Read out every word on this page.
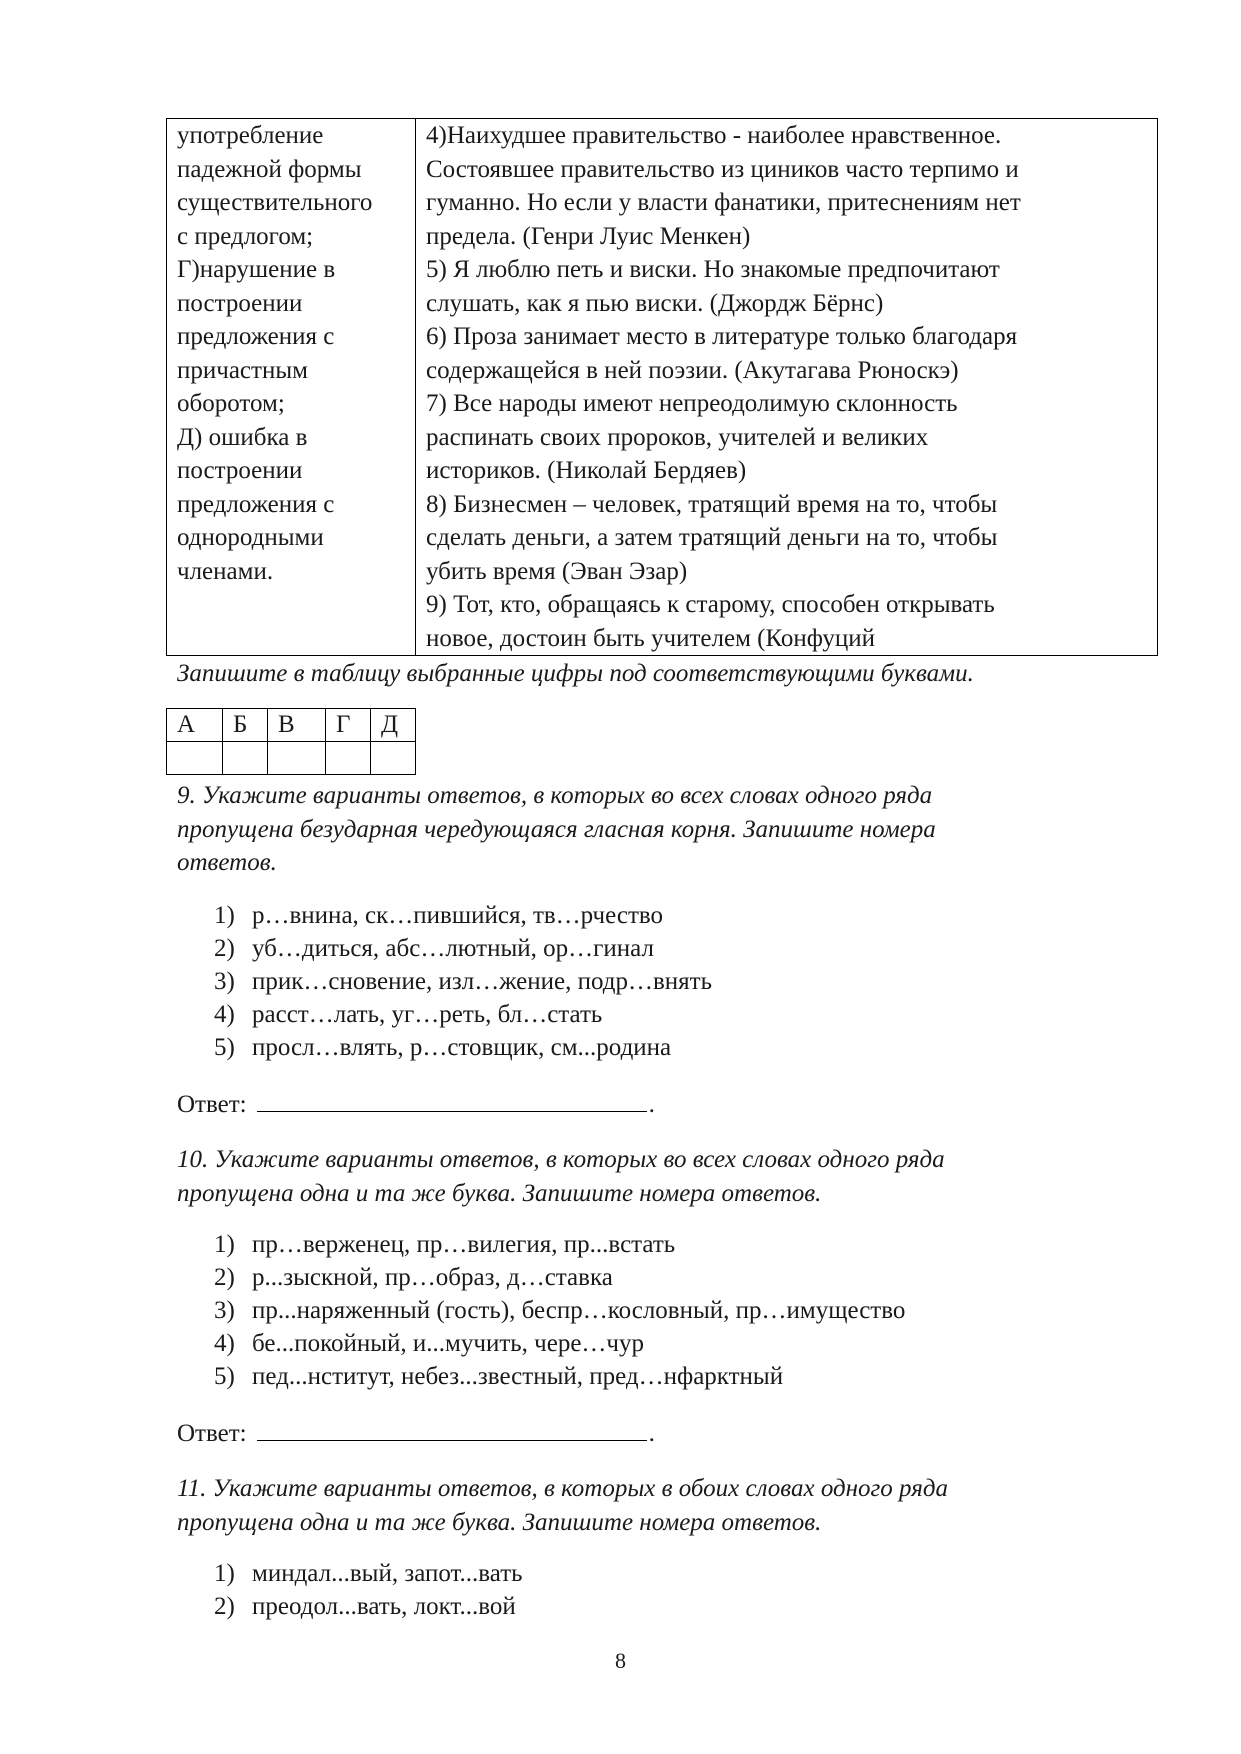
употребление
падежной формы
существительного
с предлогом;
Г)нарушение в
построении
предложения с
причастным
оборотом;
Д) ошибка в
построении
предложения с
однородными
членами.

4)Наихудшее правительство - наиболее нравственное.
Состоявшее правительство из циников часто терпимо и
гуманно. Но если у власти фанатики, притеснениям нет
предела. (Генри Луис Менкен)
5) Я люблю петь и виски. Но знакомые предпочитают
слушать, как я пью виски. (Джордж Бёрнс)
6) Проза занимает место в литературе только благодаря
содержащейся в ней поэзии. (Акутагава Рюноскэ)
7) Все народы имеют непреодолимую склонность
распинать своих пророков, учителей и великих
историков. (Николай Бердяев)
8) Бизнесмен – человек, тратящий время на то, чтобы
сделать деньги, а затем тратящий деньги на то, чтобы
убить время (Эван Эзар)
9) Тот, кто, обращаясь к старому, способен открывать
новое, достоин быть учителем (Конфуций
Запишите в таблицу выбранные цифры под соответствующими буквами.
А	Б	В	Г	Д

9. Укажите варианты ответов, в которых во всех словах одного ряда
пропущена безударная чередующаяся гласная корня. Запишите номера
ответов.
1) р…внина, ск…пившийся, тв…рчество
2) уб…диться, абс…лютный, ор…гинал
3) прик…сновение, изл…жение, подр…внять
4) расст…лать, уг…реть, бл…стать
5) просл…влять, р…стовщик, см...родина
Ответ:	.
10. Укажите варианты ответов, в которых во всех словах одного ряда
пропущена одна и та же буква. Запишите номера ответов.
1) пр…верженец, пр…вилегия, пр...встать
2) р...зыскной, пр…образ, д…ставка
3) пр...наряженный (гость), беспр…кословный, пр…имущество
4) бе...покойный, и...мучить, чере…чур
5) пед...нститут, небез...звестный, пред…нфарктный
Ответ:	.
11. Укажите варианты ответов, в которых в обоих словах одного ряда
пропущена одна и та же буква. Запишите номера ответов.
1) миндал...вый, запот...вать
2) преодол...вать, локт...вой
8
